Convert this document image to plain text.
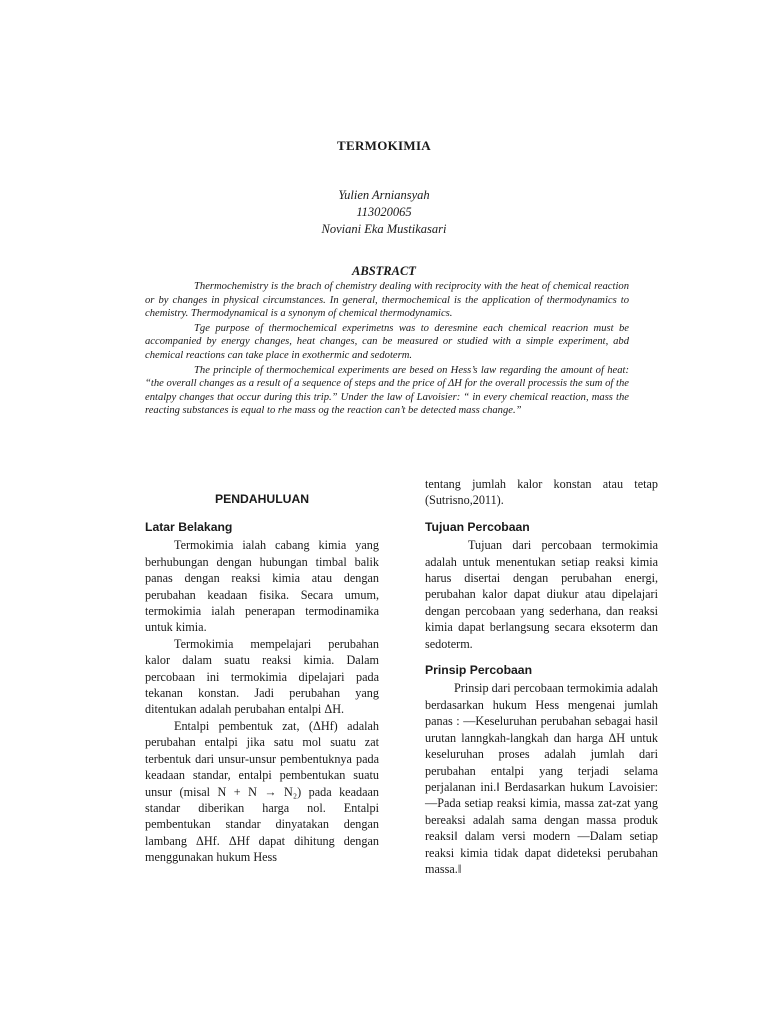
TERMOKIMIA
Yulien Arniansyah
113020065
Noviani Eka Mustikasari
ABSTRACT

Thermochemistry is the brach of chemistry dealing with reciprocity with the heat of chemical reaction or by changes in physical circumstances. In general, thermochemical is the application of thermodynamics to chemistry. Thermodynamical is a synonym of chemical thermodynamics.

Tge purpose of thermochemical experimetns was to deresmine each chemical reacrion must be accompanied by energy changes, heat changes, can be measured or studied with a simple experiment, abd chemical reactions can take place in exothermic and sedoterm.

The principle of thermochemical experiments are besed on Hess’s law regarding the amount of heat: “the overall changes as a result of a sequence of steps and the price of ΔH for the overall processis the sum of the entalpy changes that occur during this trip.” Under the law of Lavoisier: “ in every chemical reaction, mass the reacting substances is equal to rhe mass og the reaction can’t be detected mass change.”

PENDAHULUAN
Latar Belakang

Termokimia ialah cabang kimia yang berhubungan dengan hubungan timbal balik panas dengan reaksi kimia atau dengan perubahan keadaan fisika. Secara umum, termokimia ialah penerapan termodinamika untuk kimia.

Termokimia mempelajari perubahan kalor dalam suatu reaksi kimia. Dalam percobaan ini termokimia dipelajari pada tekanan konstan. Jadi perubahan yang ditentukan adalah perubahan entalpi ΔH.

Entalpi pembentuk zat, (ΔHf) adalah perubahan entalpi jika satu mol suatu zat terbentuk dari unsur-unsur pembentuknya pada keadaan standar, entalpi pembentukan suatu unsur (misal N + N → N₂) pada keadaan standar diberikan harga nol. Entalpi pembentukan standar dinyatakan dengan lambang ΔHf. ΔHf dapat dihitung dengan menggunakan hukum Hess

tentang jumlah kalor konstan atau tetap (Sutrisno,2011).

Tujuan Percobaan

Tujuan dari percobaan termokimia adalah untuk menentukan setiap reaksi kimia harus disertai dengan perubahan energi, perubahan kalor dapat diukur atau dipelajari dengan percobaan yang sederhana, dan reaksi kimia dapat berlangsung secara eksoterm dan sedoterm.

Prinsip Percobaan

Prinsip dari percobaan termokimia adalah berdasarkan hukum Hess mengenai jumlah panas : ―Keseluruhan perubahan sebagai hasil urutan lanngkah-langkah dan harga ΔH untuk keseluruhan proses adalah jumlah dari perubahan entalpi yang terjadi selama perjalanan ini.‖ Berdasarkan hukum Lavoisier: ―Pada setiap reaksi kimia, massa zat-zat yang bereaksi adalah sama dengan massa produk reaksi‖ dalam versi modern ―Dalam setiap reaksi kimia tidak dapat dideteksi perubahan massa.‖
